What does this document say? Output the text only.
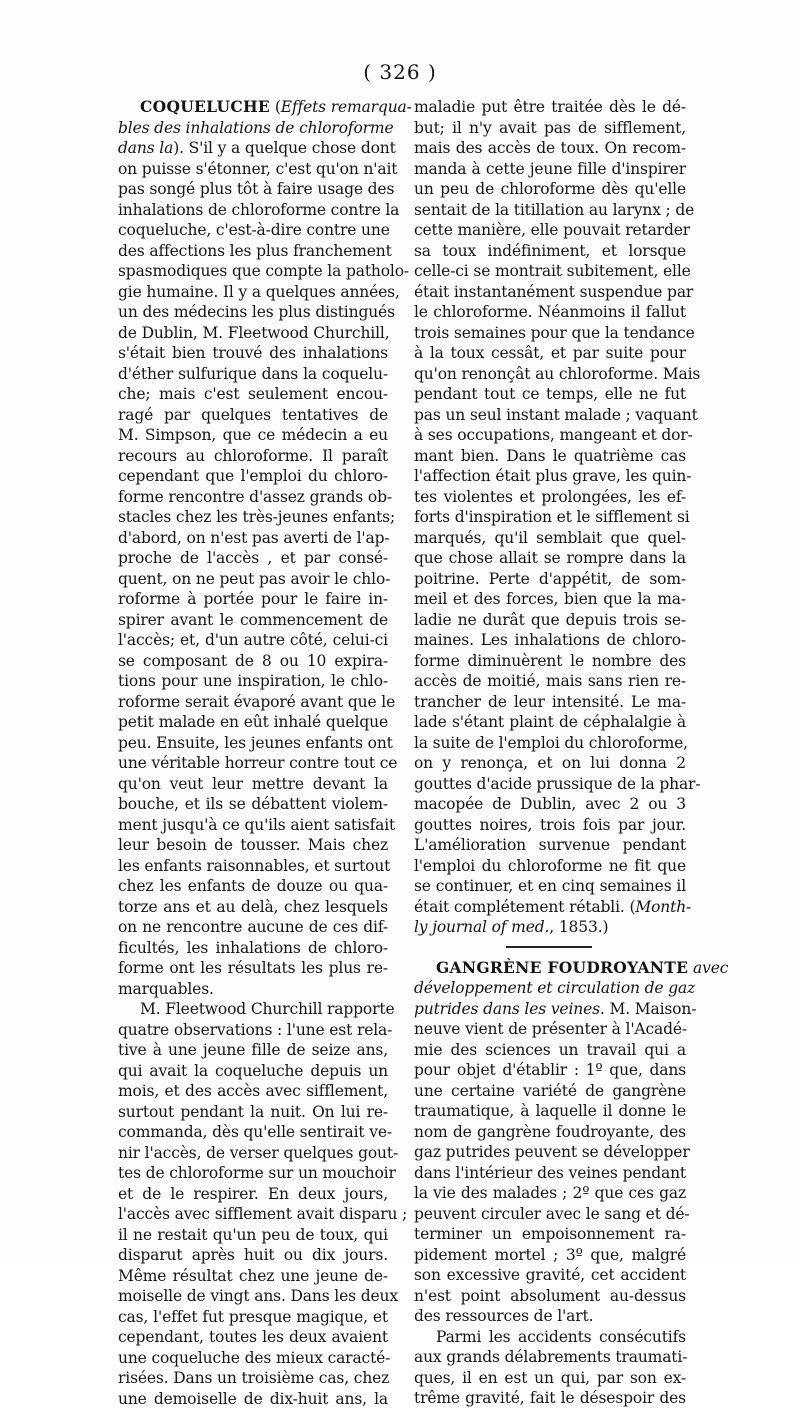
( 326 )
COQUELUCHE (Effets remarqua-
bles des inhalations de chloroforme
dans la). S'il y a quelque chose dont
on puisse s'étonner, c'est qu'on n'ait
pas songé plus tôt à faire usage des
inhalations de chloroforme contre la
coqueluche, c'est-à-dire contre une
des affections les plus franchement
spasmodiques que compte la patholo-
gie humaine. Il y a quelques années,
un des médecins les plus distingués
de Dublin, M. Fleetwood Churchill,
s'était bien trouvé des inhalations
d'éther sulfurique dans la coquelu-
che; mais c'est seulement encou-
ragé par quelques tentatives de
M. Simpson, que ce médecin a eu
recours au chloroforme. Il paraît
cependant que l'emploi du chloro-
forme rencontre d'assez grands ob-
stacles chez les très-jeunes enfants;
d'abord, on n'est pas averti de l'ap-
proche de l'accès , et par consé-
quent, on ne peut pas avoir le chlo-
roforme à portée pour le faire in-
spirer avant le commencement de
l'accès; et, d'un autre côté, celui-ci
se composant de 8 ou 10 expira-
tions pour une inspiration, le chlo-
roforme serait évaporé avant que le
petit malade en eût inhalé quelque
peu. Ensuite, les jeunes enfants ont
une véritable horreur contre tout ce
qu'on veut leur mettre devant la
bouche, et ils se débattent violem-
ment jusqu'à ce qu'ils aient satisfait
leur besoin de tousser. Mais chez
les enfants raisonnables, et surtout
chez les enfants de douze ou qua-
torze ans et au delà, chez lesquels
on ne rencontre aucune de ces dif-
ficultés, les inhalations de chloro-
forme ont les résultats les plus re-
marquables.
M. Fleetwood Churchill rapporte
quatre observations : l'une est rela-
tive à une jeune fille de seize ans,
qui avait la coqueluche depuis un
mois, et des accès avec sifflement,
surtout pendant la nuit. On lui re-
commanda, dès qu'elle sentirait ve-
nir l'accès, de verser quelques gout-
tes de chloroforme sur un mouchoir
et de le respirer. En deux jours,
l'accès avec sifflement avait disparu ;
il ne restait qu'un peu de toux, qui
disparut après huit ou dix jours.
Même résultat chez une jeune de-
moiselle de vingt ans. Dans les deux
cas, l'effet fut presque magique, et
cependant, toutes les deux avaient
une coqueluche des mieux caracté-
risées. Dans un troisième cas, chez
une demoiselle de dix-huit ans, la
maladie put être traitée dès le dé-
but; il n'y avait pas de sifflement,
mais des accès de toux. On recom-
manda à cette jeune fille d'inspirer
un peu de chloroforme dès qu'elle
sentait de la titillation au larynx ; de
cette manière, elle pouvait retarder
sa toux indéfiniment, et lorsque
celle-ci se montrait subitement, elle
était instantanément suspendue par
le chloroforme. Néanmoins il fallut
trois semaines pour que la tendance
à la toux cessât, et par suite pour
qu'on renonçât au chloroforme. Mais
pendant tout ce temps, elle ne fut
pas un seul instant malade ; vaquant
à ses occupations, mangeant et dor-
mant bien. Dans le quatrième cas
l'affection était plus grave, les quin-
tes violentes et prolongées, les ef-
forts d'inspiration et le sifflement si
marqués, qu'il semblait que quel-
que chose allait se rompre dans la
poitrine. Perte d'appétit, de som-
meil et des forces, bien que la ma-
ladie ne durât que depuis trois se-
maines. Les inhalations de chloro-
forme diminuèrent le nombre des
accès de moitié, mais sans rien re-
trancher de leur intensité. Le ma-
lade s'étant plaint de céphalalgie à
la suite de l'emploi du chloroforme,
on y renonça, et on lui donna 2
gouttes d'acide prussique de la phar-
macopée de Dublin, avec 2 ou 3
gouttes noires, trois fois par jour.
L'amélioration survenue pendant
l'emploi du chloroforme ne fit que
se continuer, et en cinq semaines il
était complétement rétabli. (Month-
ly journal of med., 1853.)
GANGRÈNE FOUDROYANTE avec
développement et circulation de gaz
putrides dans les veines. M. Maison-
neuve vient de présenter à l'Acadé-
mie des sciences un travail qui a
pour objet d'établir : 1º que, dans
une certaine variété de gangrène
traumatique, à laquelle il donne le
nom de gangrène foudroyante, des
gaz putrides peuvent se développer
dans l'intérieur des veines pendant
la vie des malades ; 2º que ces gaz
peuvent circuler avec le sang et dé-
terminer un empoisonnement ra-
pidement mortel ; 3º que, malgré
son excessive gravité, cet accident
n'est point absolument au-dessus
des ressources de l'art.
Parmi les accidents consécutifs
aux grands délabrements traumati-
ques, il en est un qui, par son ex-
trême gravité, fait le désespoir des
